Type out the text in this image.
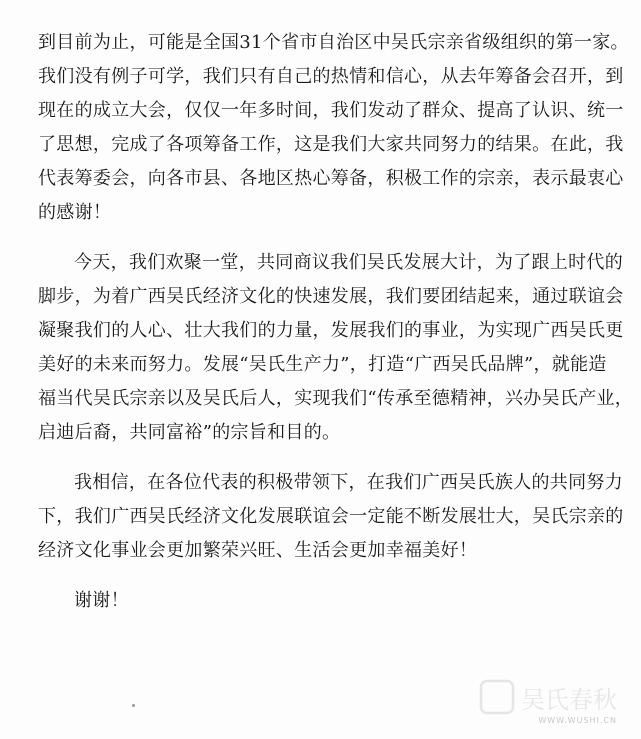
到目前为止，可能是全国31个省市自治区中吴氏宗亲省级组织的第一家。
我们没有例子可学，我们只有自己的热情和信心，从去年筹备会召开，到
现在的成立大会，仅仅一年多时间，我们发动了群众、提高了认识、统一
了思想，完成了各项筹备工作，这是我们大家共同努力的结果。在此，我
代表筹委会，向各市县、各地区热心筹备，积极工作的宗亲，表示最衷心
的感谢！
今天，我们欢聚一堂，共同商议我们吴氏发展大计，为了跟上时代的
脚步，为着广西吴氏经济文化的快速发展，我们要团结起来，通过联谊会
凝聚我们的人心、壮大我们的力量，发展我们的事业，为实现广西吴氏更
美好的未来而努力。发展“吴氏生产力”，打造“广西吴氏品牌”，就能造
福当代吴氏宗亲以及吴氏后人，实现我们“传承至德精神，兴办吴氏产业，
启迪后裔，共同富裕”的宗旨和目的。
我相信，在各位代表的积极带领下，在我们广西吴氏族人的共同努力
下，我们广西吴氏经济文化发展联谊会一定能不断发展壮大，吴氏宗亲的
经济文化事业会更加繁荣兴旺、生活会更加幸福美好！
谢谢！
吴氏春秋
WWW.WUSHI.CN
